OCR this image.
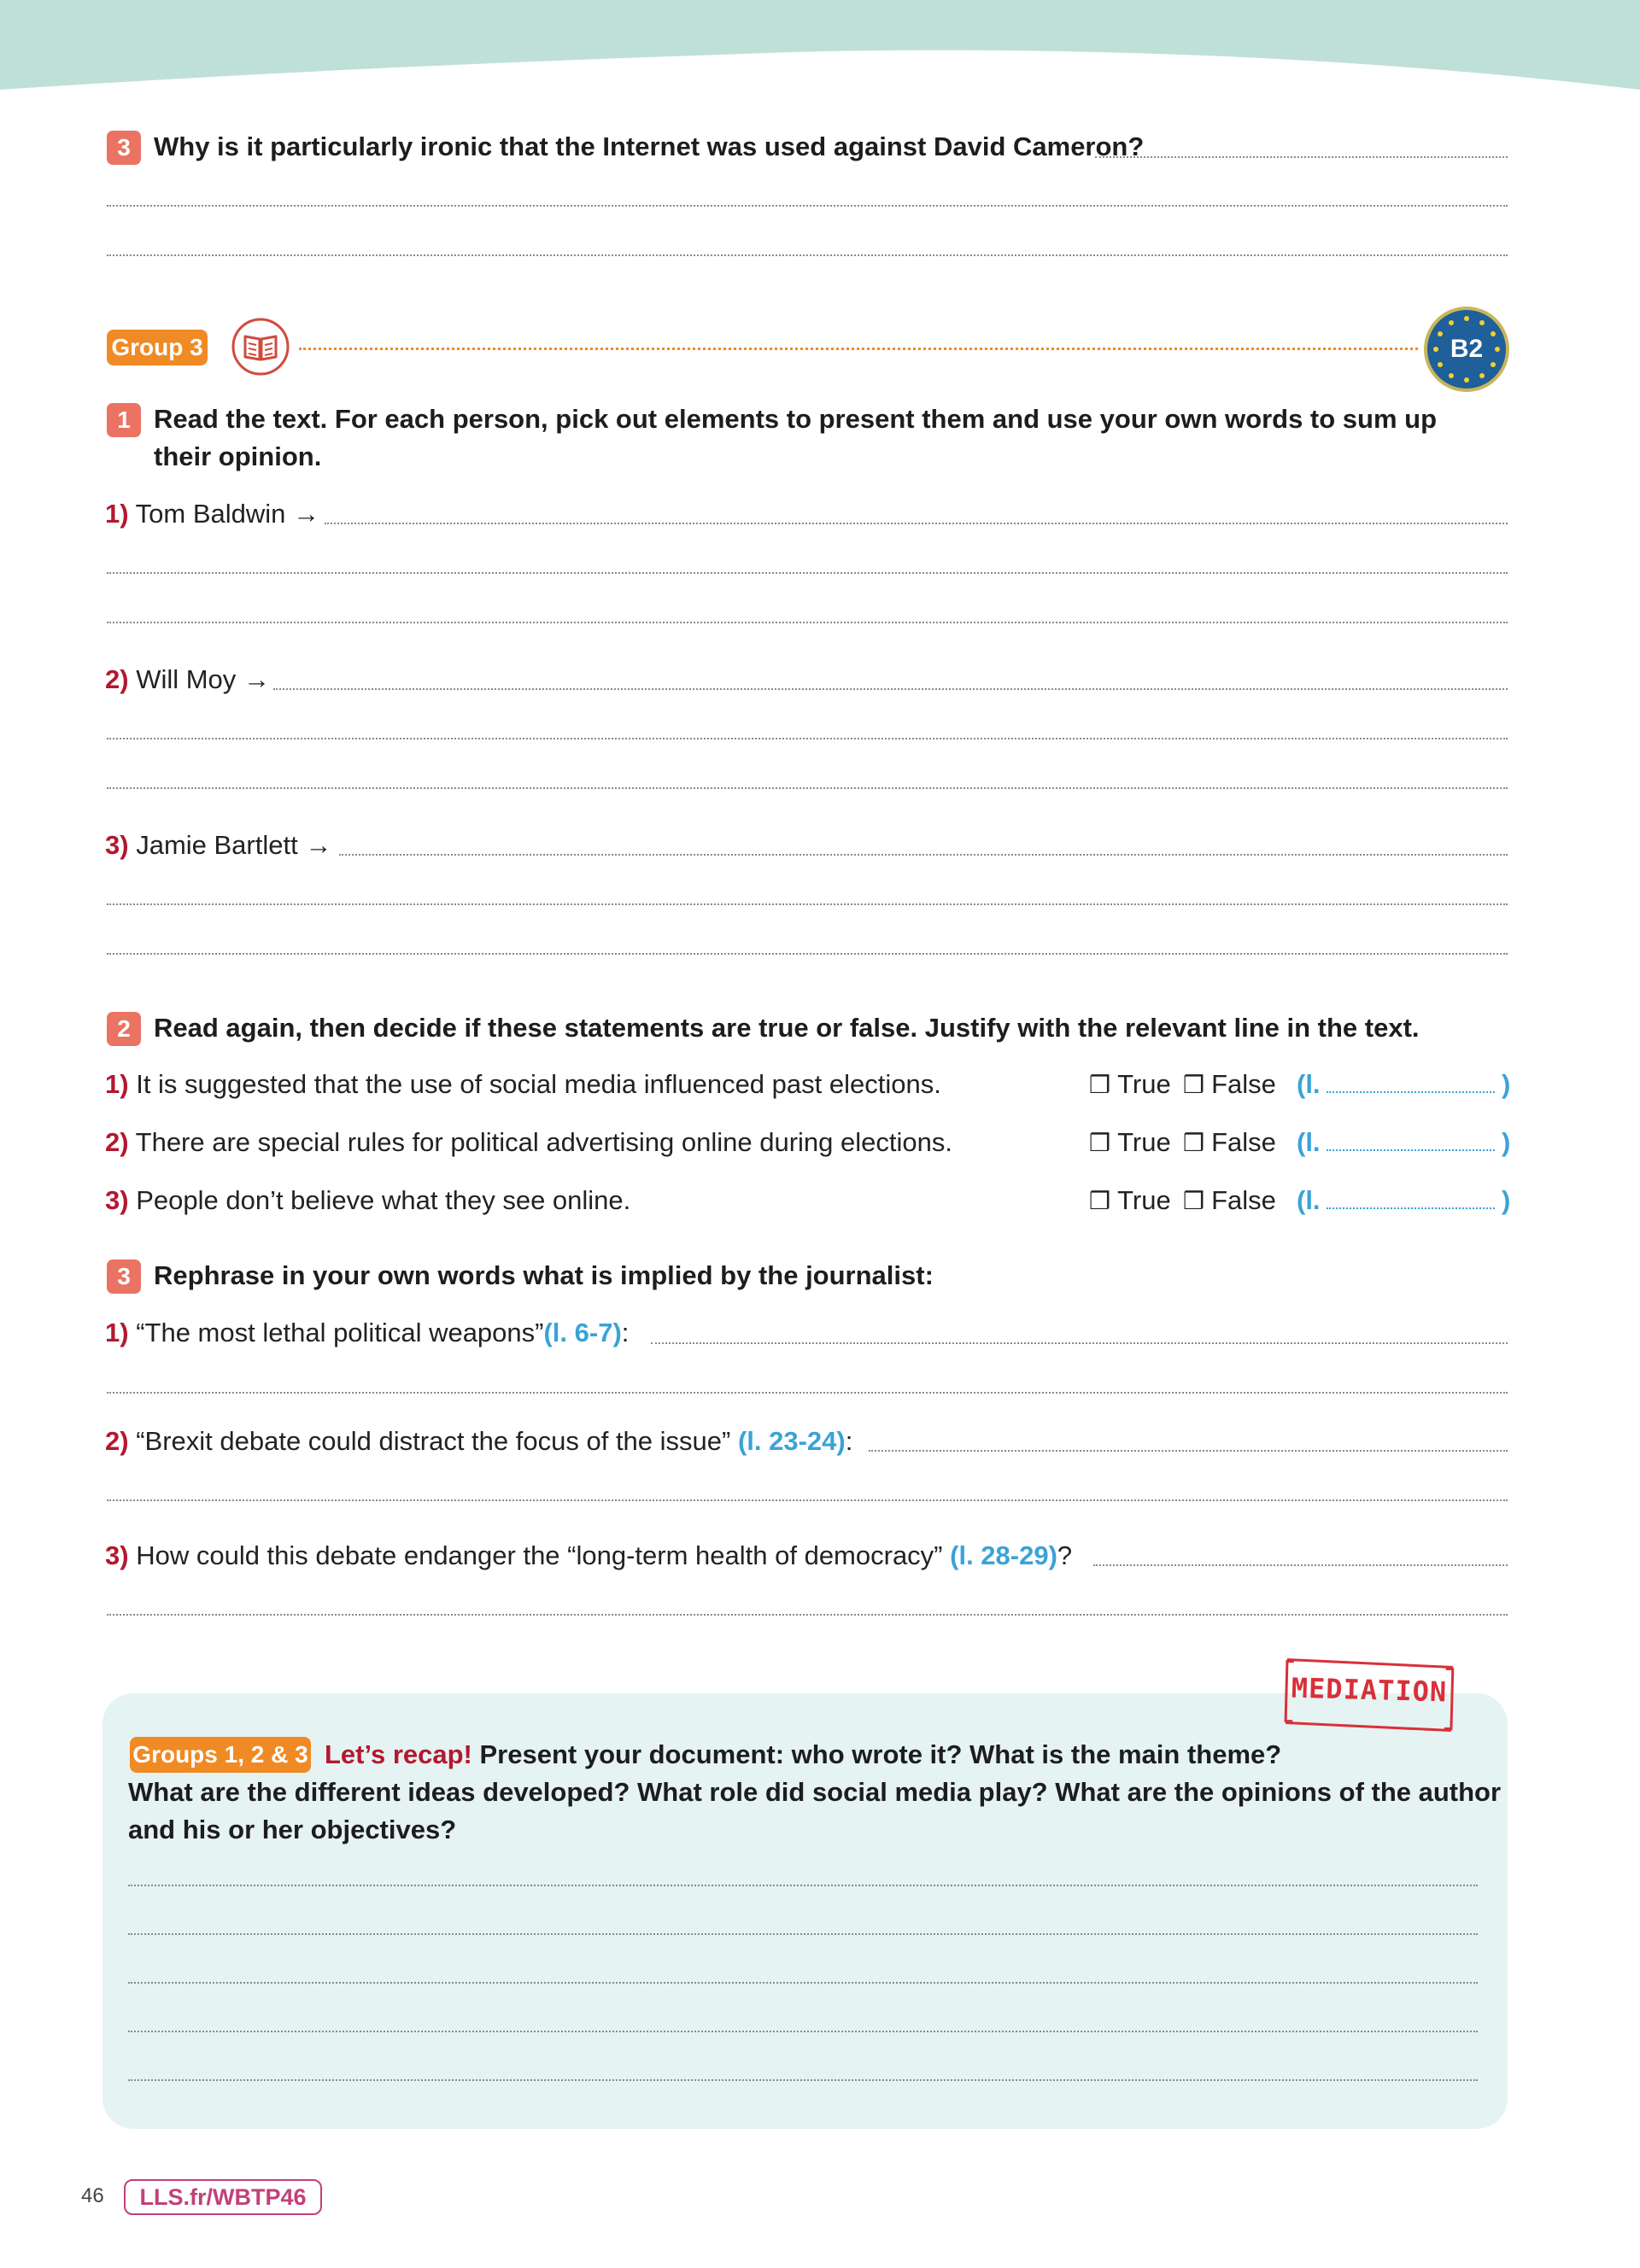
3 Why is it particularly ironic that the Internet was used against David Cameron?
Group 3	B2
1 Read the text. For each person, pick out elements to present them and use your own words to sum up their opinion.
1) Tom Baldwin →
2) Will Moy →
3) Jamie Bartlett →
2 Read again, then decide if these statements are true or false. Justify with the relevant line in the text.
1) It is suggested that the use of social media influenced past elections.	❒ True ❒ False (l.	)
2) There are special rules for political advertising online during elections.	❒ True ❒ False (l.	)
3) People don’t believe what they see online.	❒ True ❒ False (l.	)
3 Rephrase in your own words what is implied by the journalist:
1) “The most lethal political weapons”(l. 6-7):
2) “Brexit debate could distract the focus of the issue” (l. 23-24):
3) How could this debate endanger the “long-term health of democracy” (l. 28-29)?
MEDIATION
Groups 1, 2 & 3 Let’s recap! Present your document: who wrote it? What is the main theme?
What are the different ideas developed? What role did social media play? What are the opinions of the author
and his or her objectives?
46	LLS.fr/WBTP46
